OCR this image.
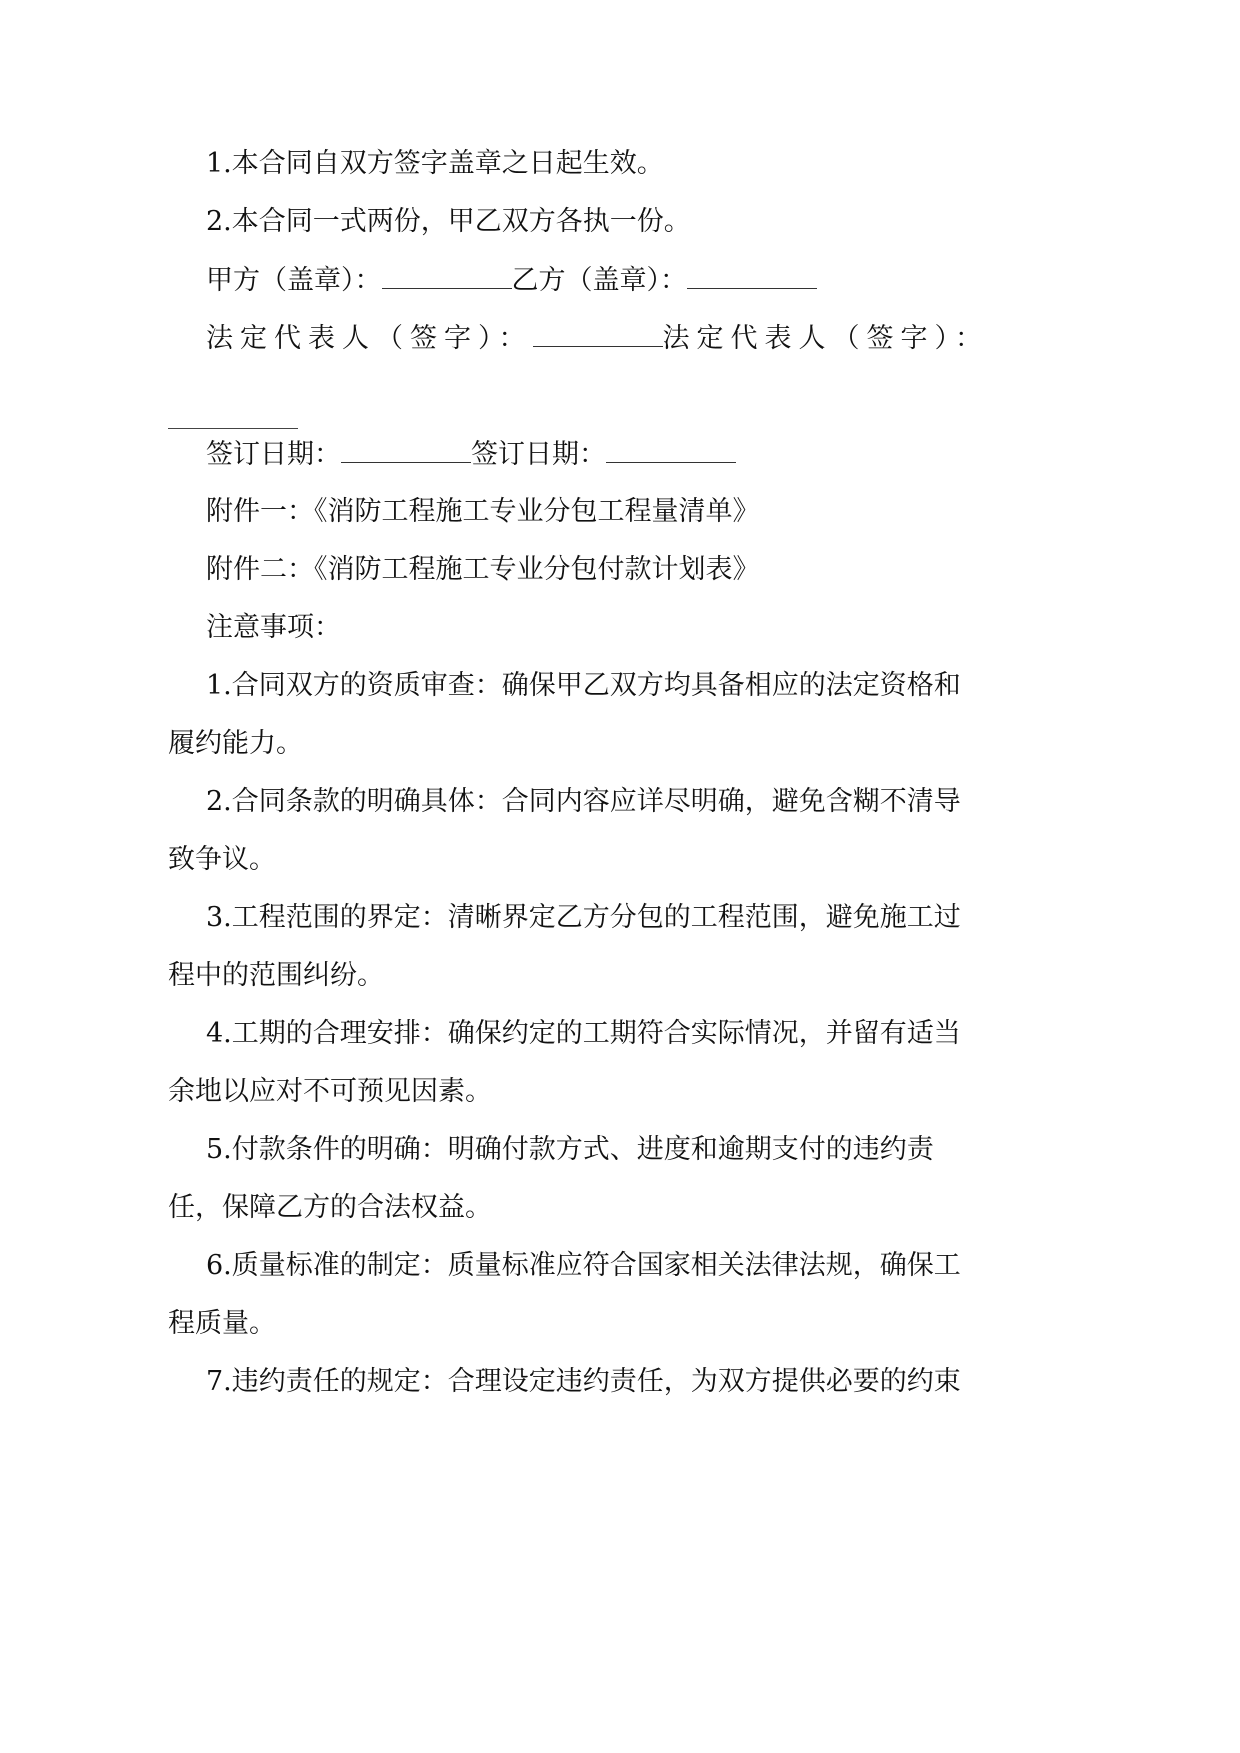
1.本合同自双方签字盖章之日起生效。
2.本合同一式两份，甲乙双方各执一份。
甲方（盖章）：	乙方（盖章）：
法定代表人（签字）：	法定代表人（签字）：
签订日期：	签订日期：
附件一：《消防工程施工专业分包工程量清单》
附件二：《消防工程施工专业分包付款计划表》
注意事项：
1.合同双方的资质审查：确保甲乙双方均具备相应的法定资格和
履约能力。
2.合同条款的明确具体：合同内容应详尽明确，避免含糊不清导
致争议。
3.工程范围的界定：清晰界定乙方分包的工程范围，避免施工过
程中的范围纠纷。
4.工期的合理安排：确保约定的工期符合实际情况，并留有适当
余地以应对不可预见因素。
5.付款条件的明确：明确付款方式、进度和逾期支付的违约责
任，保障乙方的合法权益。
6.质量标准的制定：质量标准应符合国家相关法律法规，确保工
程质量。
7.违约责任的规定：合理设定违约责任，为双方提供必要的约束
